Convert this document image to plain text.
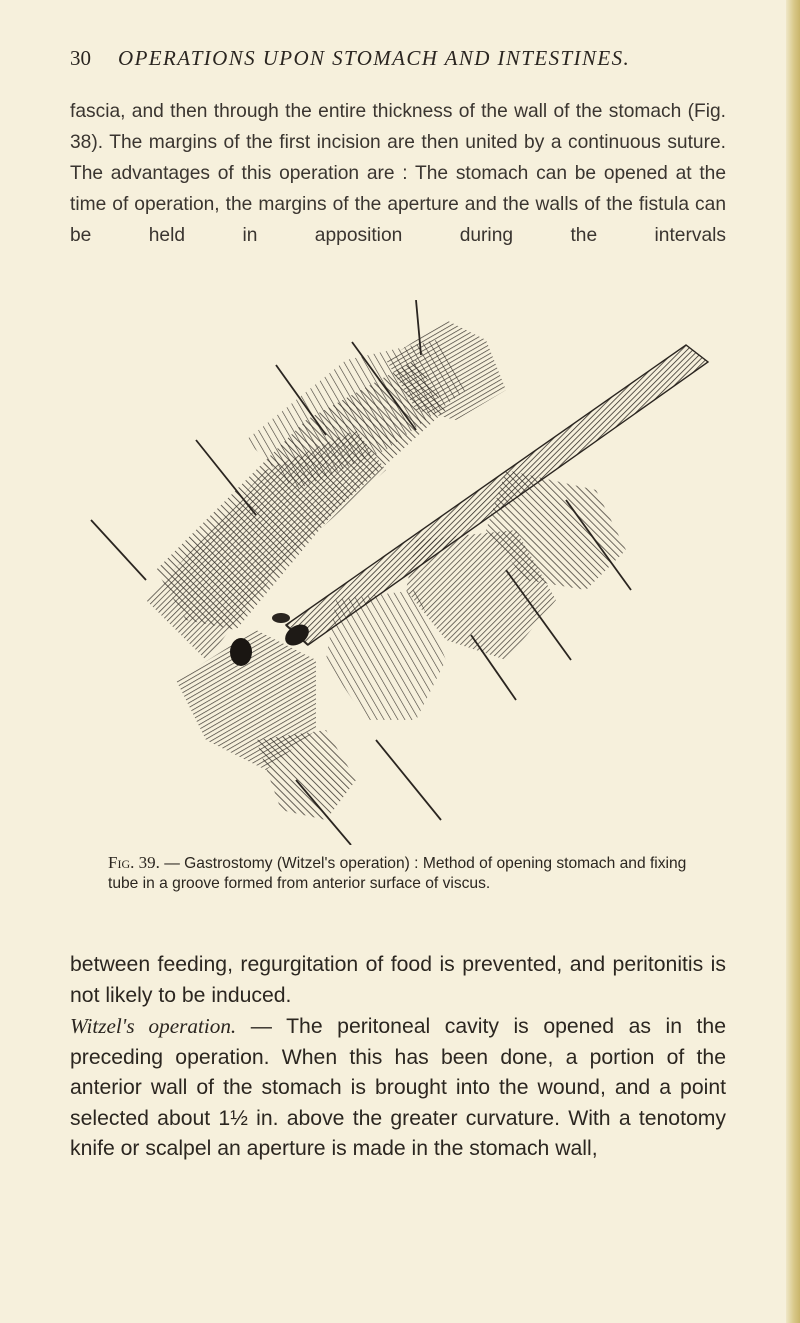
30 OPERATIONS UPON STOMACH AND INTESTINES.
fascia, and then through the entire thickness of the wall of the stomach (Fig. 38). The margins of the first incision are then united by a continuous suture. The advantages of this operation are : The stomach can be opened at the time of operation, the margins of the aperture and the walls of the fistula can be held in apposition during the intervals
Fig. 39. — Gastrostomy (Witzel's operation) : Method of opening stomach and fixing tube in a groove formed from anterior surface of viscus.

between feeding, regurgitation of food is prevented, and peritonitis is not likely to be induced.

Witzel's operation. — The peritoneal cavity is opened as in the preceding operation. When this has been done, a portion of the anterior wall of the stomach is brought into the wound, and a point selected about 1½ in. above the greater curvature. With a tenotomy knife or scalpel an aperture is made in the stomach wall,
